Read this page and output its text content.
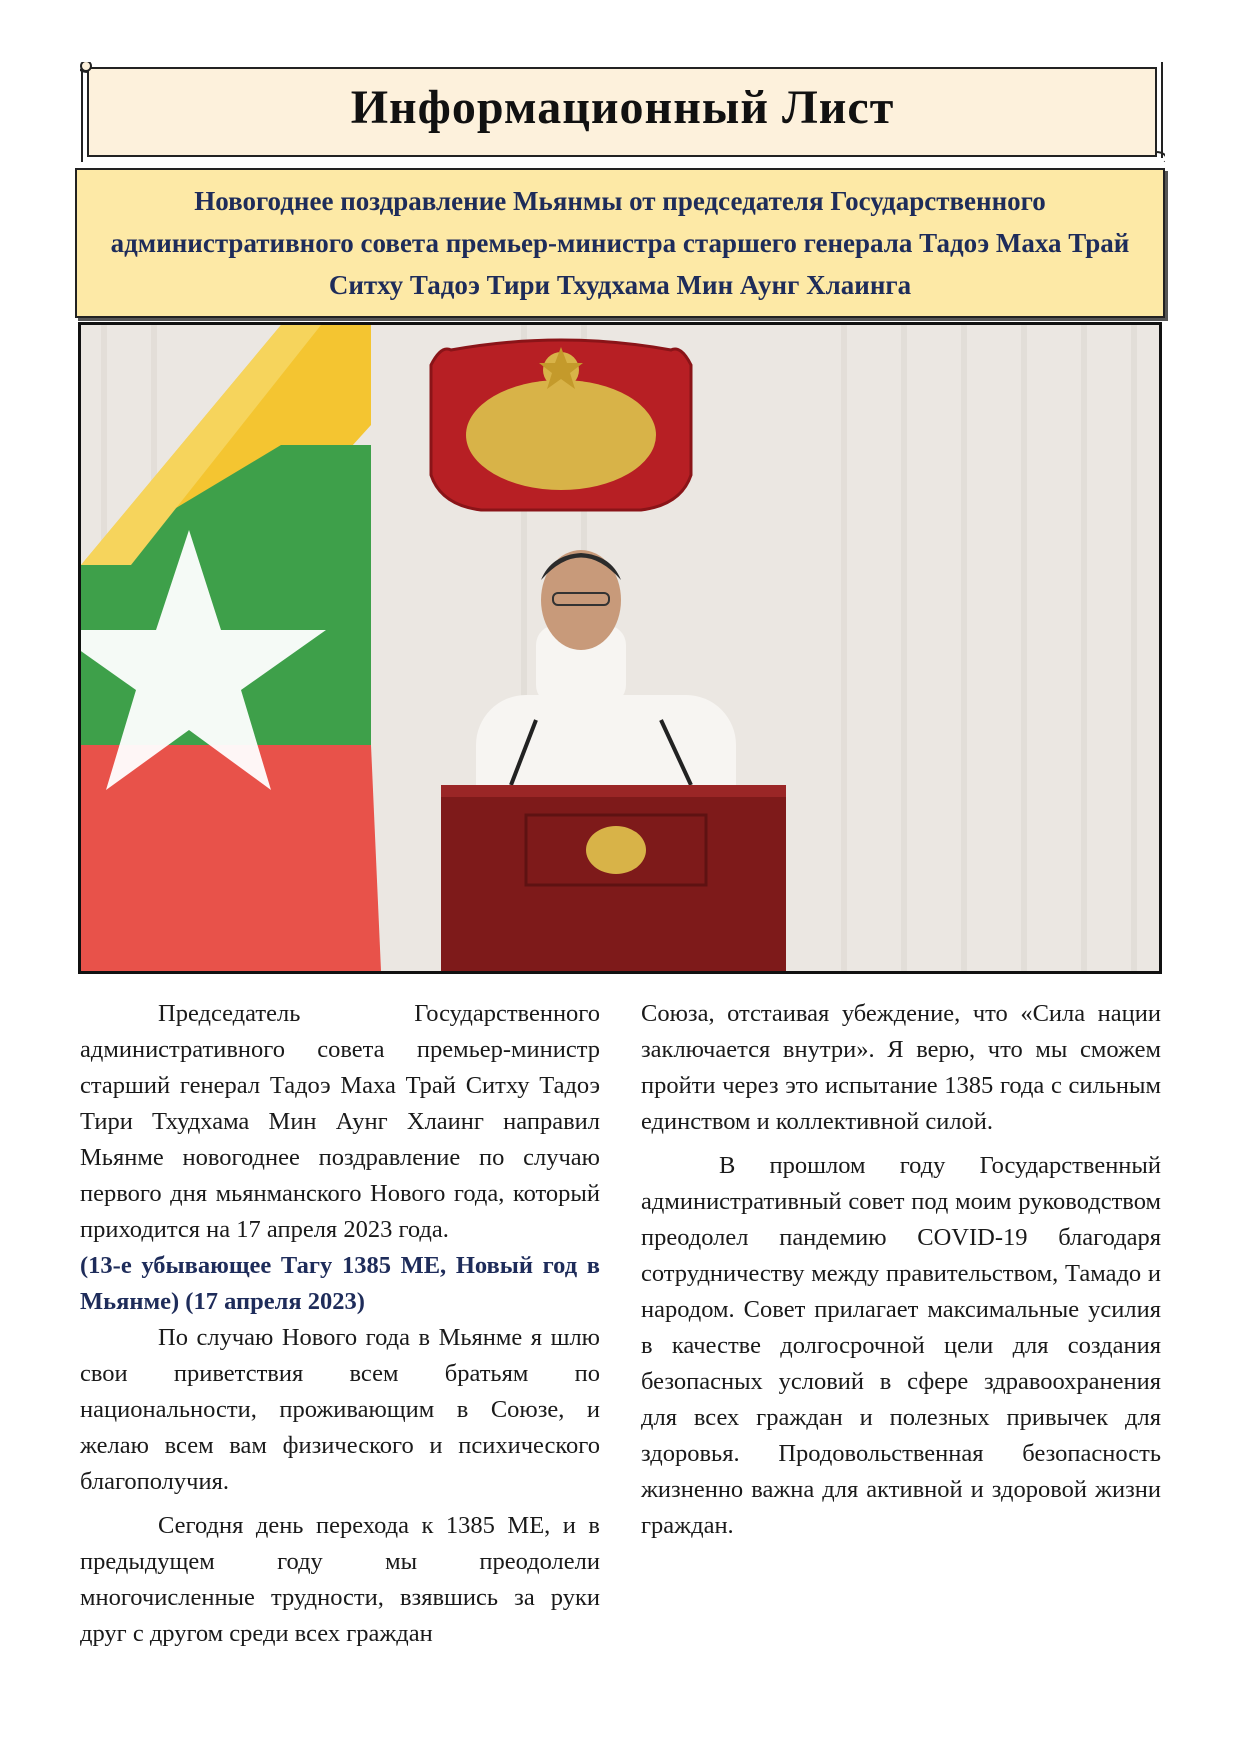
Информационный Лист
Новогоднее поздравление Мьянмы от председателя Государственного административного совета премьер-министра старшего генерала Тадоэ Маха Трай Ситху Тадоэ Тири Тхудхама Мин Аунг Хлаинга

Председатель Государственного административного совета премьер-министр старший генерал Тадоэ Маха Трай Ситху Тадоэ Тири Тхудхама Мин Аунг Хлаинг направил Мьянме новогоднее поздравление по случаю первого дня мьянманского Нового года, который приходится на 17 апреля 2023 года.

(13-е убывающее Тагу 1385 МЕ, Новый год в Мьянме) (17 апреля 2023)

По случаю Нового года в Мьянме я шлю свои приветствия всем братьям по национальности, проживающим в Союзе, и желаю всем вам физического и психического благополучия.

Сегодня день перехода к 1385 МЕ, и в предыдущем году мы преодолели многочисленные трудности, взявшись за руки друг с другом среди всех граждан

Союза, отстаивая убеждение, что «Сила нации заключается внутри». Я верю, что мы сможем пройти через это испытание 1385 года с сильным единством и коллективной силой.

В прошлом году Государственный административный совет под моим руководством преодолел пандемию COVID-19 благодаря сотрудничеству между правительством, Тамадо и народом. Совет прилагает максимальные усилия в качестве долгосрочной цели для создания безопасных условий в сфере здравоохранения для всех граждан и полезных привычек для здоровья. Продовольственная безопасность жизненно важна для активной и здоровой жизни граждан.
